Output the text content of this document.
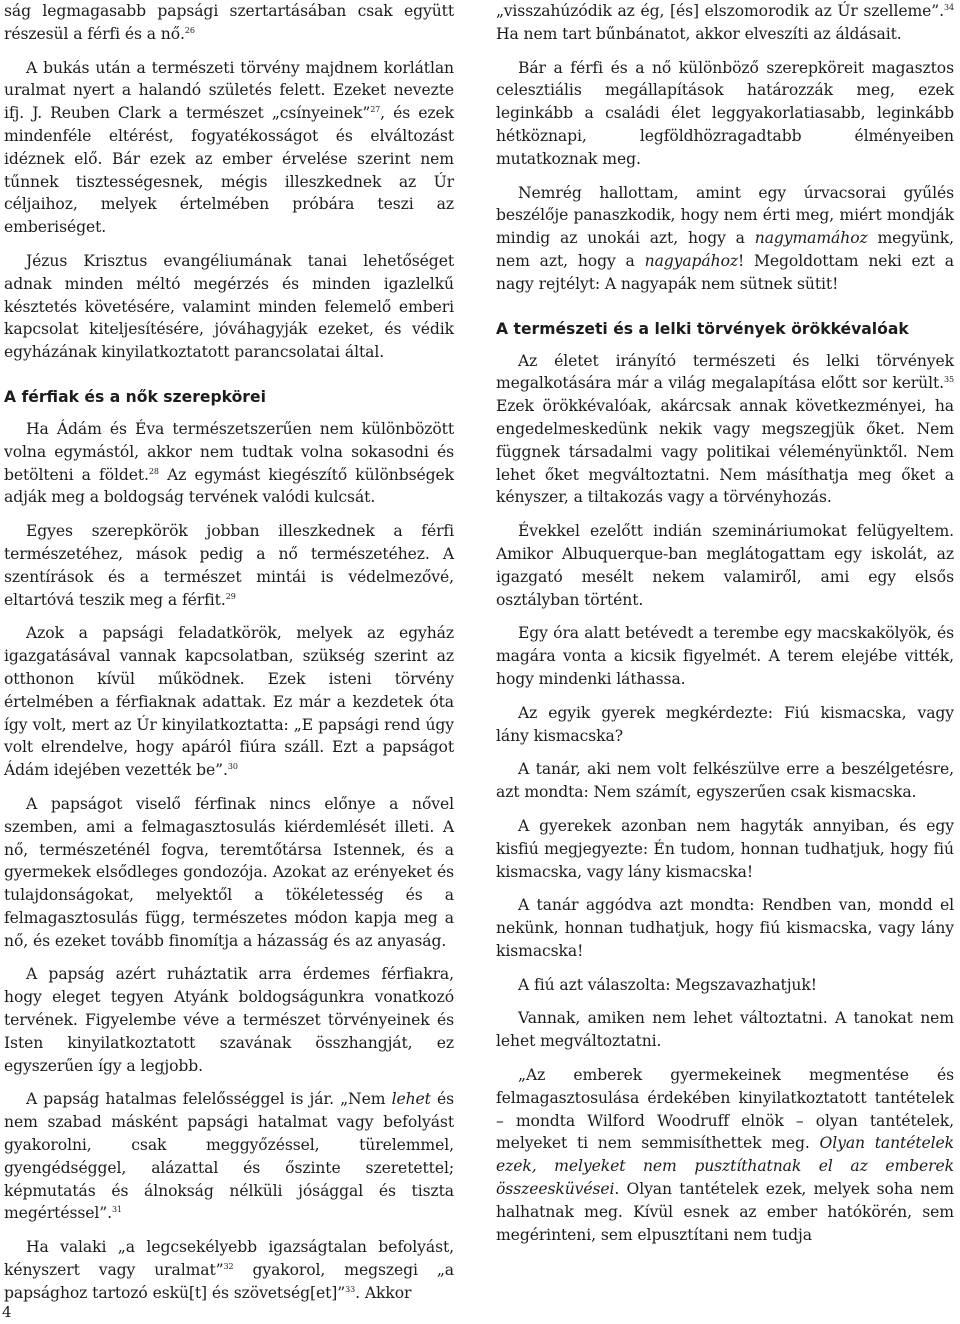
ság legmagasabb papsági szertartásában csak együtt részesül a férfi és a nő.$^{26}$

A bukás után a természeti törvény majdnem korlátlan uralmat nyert a halandó születés felett. Ezeket nevezte ifj. J. Reuben Clark a természet „csínyeinek”$^{27}$, és ezek mindenféle eltérést, fogyatékosságot és elváltozást idéznek elő. Bár ezek az ember érvelése szerint nem tűnnek tisztességesnek, mégis illeszkednek az Úr céljaihoz, melyek értelmében próbára teszi az emberiséget.

Jézus Krisztus evangéliumának tanai lehetőséget adnak minden méltó megérzés és minden igazlelkű késztetés követésére, valamint minden felemelő emberi kapcsolat kiteljesítésére, jóváhagyják ezeket, és védik egyházának kinyilatkoztatott parancsolatai által.

A férfiak és a nők szerepkörei

Ha Ádám és Éva természetszerűen nem különbözött volna egymástól, akkor nem tudtak volna sokasodni és betölteni a földet.$^{28}$ Az egymást kiegészítő különbségek adják meg a boldogság tervének valódi kulcsát.

Egyes szerepkörök jobban illeszkednek a férfi természetéhez, mások pedig a nő természetéhez. A szentírások és a természet mintái is védelmezővé, eltartóvá teszik meg a férfit.$^{29}$

Azok a papsági feladatkörök, melyek az egyház igazgatásával vannak kapcsolatban, szükség szerint az otthonon kívül működnek. Ezek isteni törvény értelmében a férfiaknak adattak. Ez már a kezdetek óta így volt, mert az Úr kinyilatkoztatta: „E papsági rend úgy volt elrendelve, hogy apáról fiúra száll. Ezt a papságot Ádám idejében vezették be”.$^{30}$

A papságot viselő férfinak nincs előnye a nővel szemben, ami a felmagasztosulás kiérdemlését illeti. A nő, természeténél fogva, teremtőtársa Istennek, és a gyermekek elsődleges gondozója. Azokat az erényeket és tulajdonságokat, melyektől a tökéletesség és a felmagasztosulás függ, természetes módon kapja meg a nő, és ezeket tovább finomítja a házasság és az anyaság.

A papság azért ruháztatik arra érdemes férfiakra, hogy eleget tegyen Atyánk boldogságunkra vonatkozó tervének. Figyelembe véve a természet törvényeinek és Isten kinyilatkoztatott szavának összhangját, ez egyszerűen így a legjobb.

A papság hatalmas felelősséggel is jár. „Nem lehet és nem szabad másként papsági hatalmat vagy befolyást gyakorolni, csak meggyőzéssel, türelemmel, gyengédséggel, alázattal és őszinte szeretettel; képmutatás és álnokság nélküli jósággal és tiszta megértéssel”.$^{31}$

Ha valaki „a legcsekélyebb igazságtalan befolyást, kényszert vagy uralmat”$^{32}$ gyakorol, megszegi „a papsághoz tartozó eskü[t] és szövetség[et]”$^{33}$. Akkor

„visszahúzódik az ég, [és] elszomorodik az Úr szelleme”.$^{34}$ Ha nem tart bűnbánatot, akkor elveszíti az áldásait.

Bár a férfi és a nő különböző szerepköreit magasztos celesztiális megállapítások határozzák meg, ezek leginkább a családi élet leggyakorlatiasabb, leginkább hétköznapi, legföldhözragadtabb élményeiben mutatkoznak meg.

Nemrég hallottam, amint egy úrvacsorai gyűlés beszélője panaszkodik, hogy nem érti meg, miért mondják mindig az unokái azt, hogy a nagymamához megyünk, nem azt, hogy a nagyapához! Megoldottam neki ezt a nagy rejtélyt: A nagyapák nem sütnek sütit!

A természeti és a lelki törvények örökkévalóak

Az életet irányító természeti és lelki törvények megalkotására már a világ megalapítása előtt sor került.$^{35}$ Ezek örökkévalóak, akárcsak annak következményei, ha engedelmeskedünk nekik vagy megszegjük őket. Nem függnek társadalmi vagy politikai véleményünktől. Nem lehet őket megváltoztatni. Nem másíthatja meg őket a kényszer, a tiltakozás vagy a törvényhozás.

Évekkel ezelőtt indián szemináriumokat felügyeltem. Amikor Albuquerque-ban meglátogattam egy iskolát, az igazgató mesélt nekem valamiről, ami egy elsős osztályban történt.

Egy óra alatt betévedt a terembe egy macskakölyök, és magára vonta a kicsik figyelmét. A terem elejébe vitték, hogy mindenki láthassa.

Az egyik gyerek megkérdezte: Fiú kismacska, vagy lány kismacska?

A tanár, aki nem volt felkészülve erre a beszélgetésre, azt mondta: Nem számít, egyszerűen csak kismacska.

A gyerekek azonban nem hagyták annyiban, és egy kisfiú megjegyezte: Én tudom, honnan tudhatjuk, hogy fiú kismacska, vagy lány kismacska!

A tanár aggódva azt mondta: Rendben van, mondd el nekünk, honnan tudhatjuk, hogy fiú kismacska, vagy lány kismacska!

A fiú azt válaszolta: Megszavazhatjuk!

Vannak, amiken nem lehet változtatni. A tanokat nem lehet megváltoztatni.

„Az emberek gyermekeinek megmentése és felmagasztosulása érdekében kinyilatkoztatott tantételek – mondta Wilford Woodruff elnök – olyan tantételek, melyeket ti nem semmisíthettek meg. Olyan tantételek ezek, melyeket nem pusztíthatnak el az emberek összeesküvései. Olyan tantételek ezek, melyek soha nem halhatnak meg. Kívül esnek az ember hatókörén, sem megérinteni, sem elpusztítani nem tudja

4
